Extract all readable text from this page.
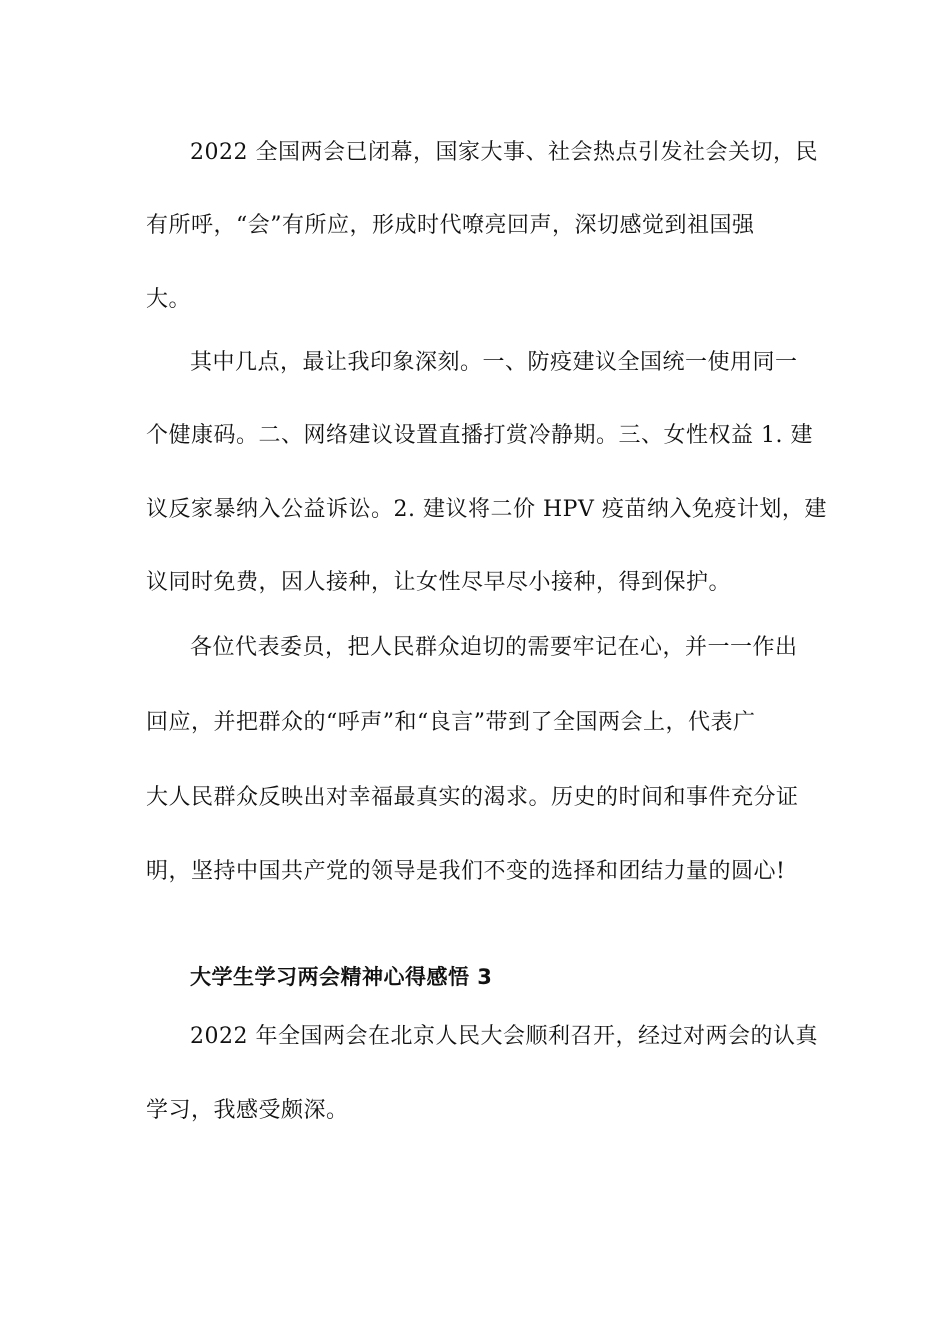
2022 全国两会已闭幕，国家大事、社会热点引发社会关切，民
有所呼，“会”有所应，形成时代嘹亮回声，深切感觉到祖国强
大。
其中几点，最让我印象深刻。一、防疫建议全国统一使用同一
个健康码。二、网络建议设置直播打赏冷静期。三、女性权益 1. 建
议反家暴纳入公益诉讼。2. 建议将二价 HPV 疫苗纳入免疫计划，建
议同时免费，因人接种，让女性尽早尽小接种，得到保护。
各位代表委员，把人民群众迫切的需要牢记在心，并一一作出
回应，并把群众的“呼声”和“良言”带到了全国两会上，代表广
大人民群众反映出对幸福最真实的渴求。历史的时间和事件充分证
明，坚持中国共产党的领导是我们不变的选择和团结力量的圆心!
大学生学习两会精神心得感悟 3
2022 年全国两会在北京人民大会顺利召开，经过对两会的认真
学习，我感受颇深。
